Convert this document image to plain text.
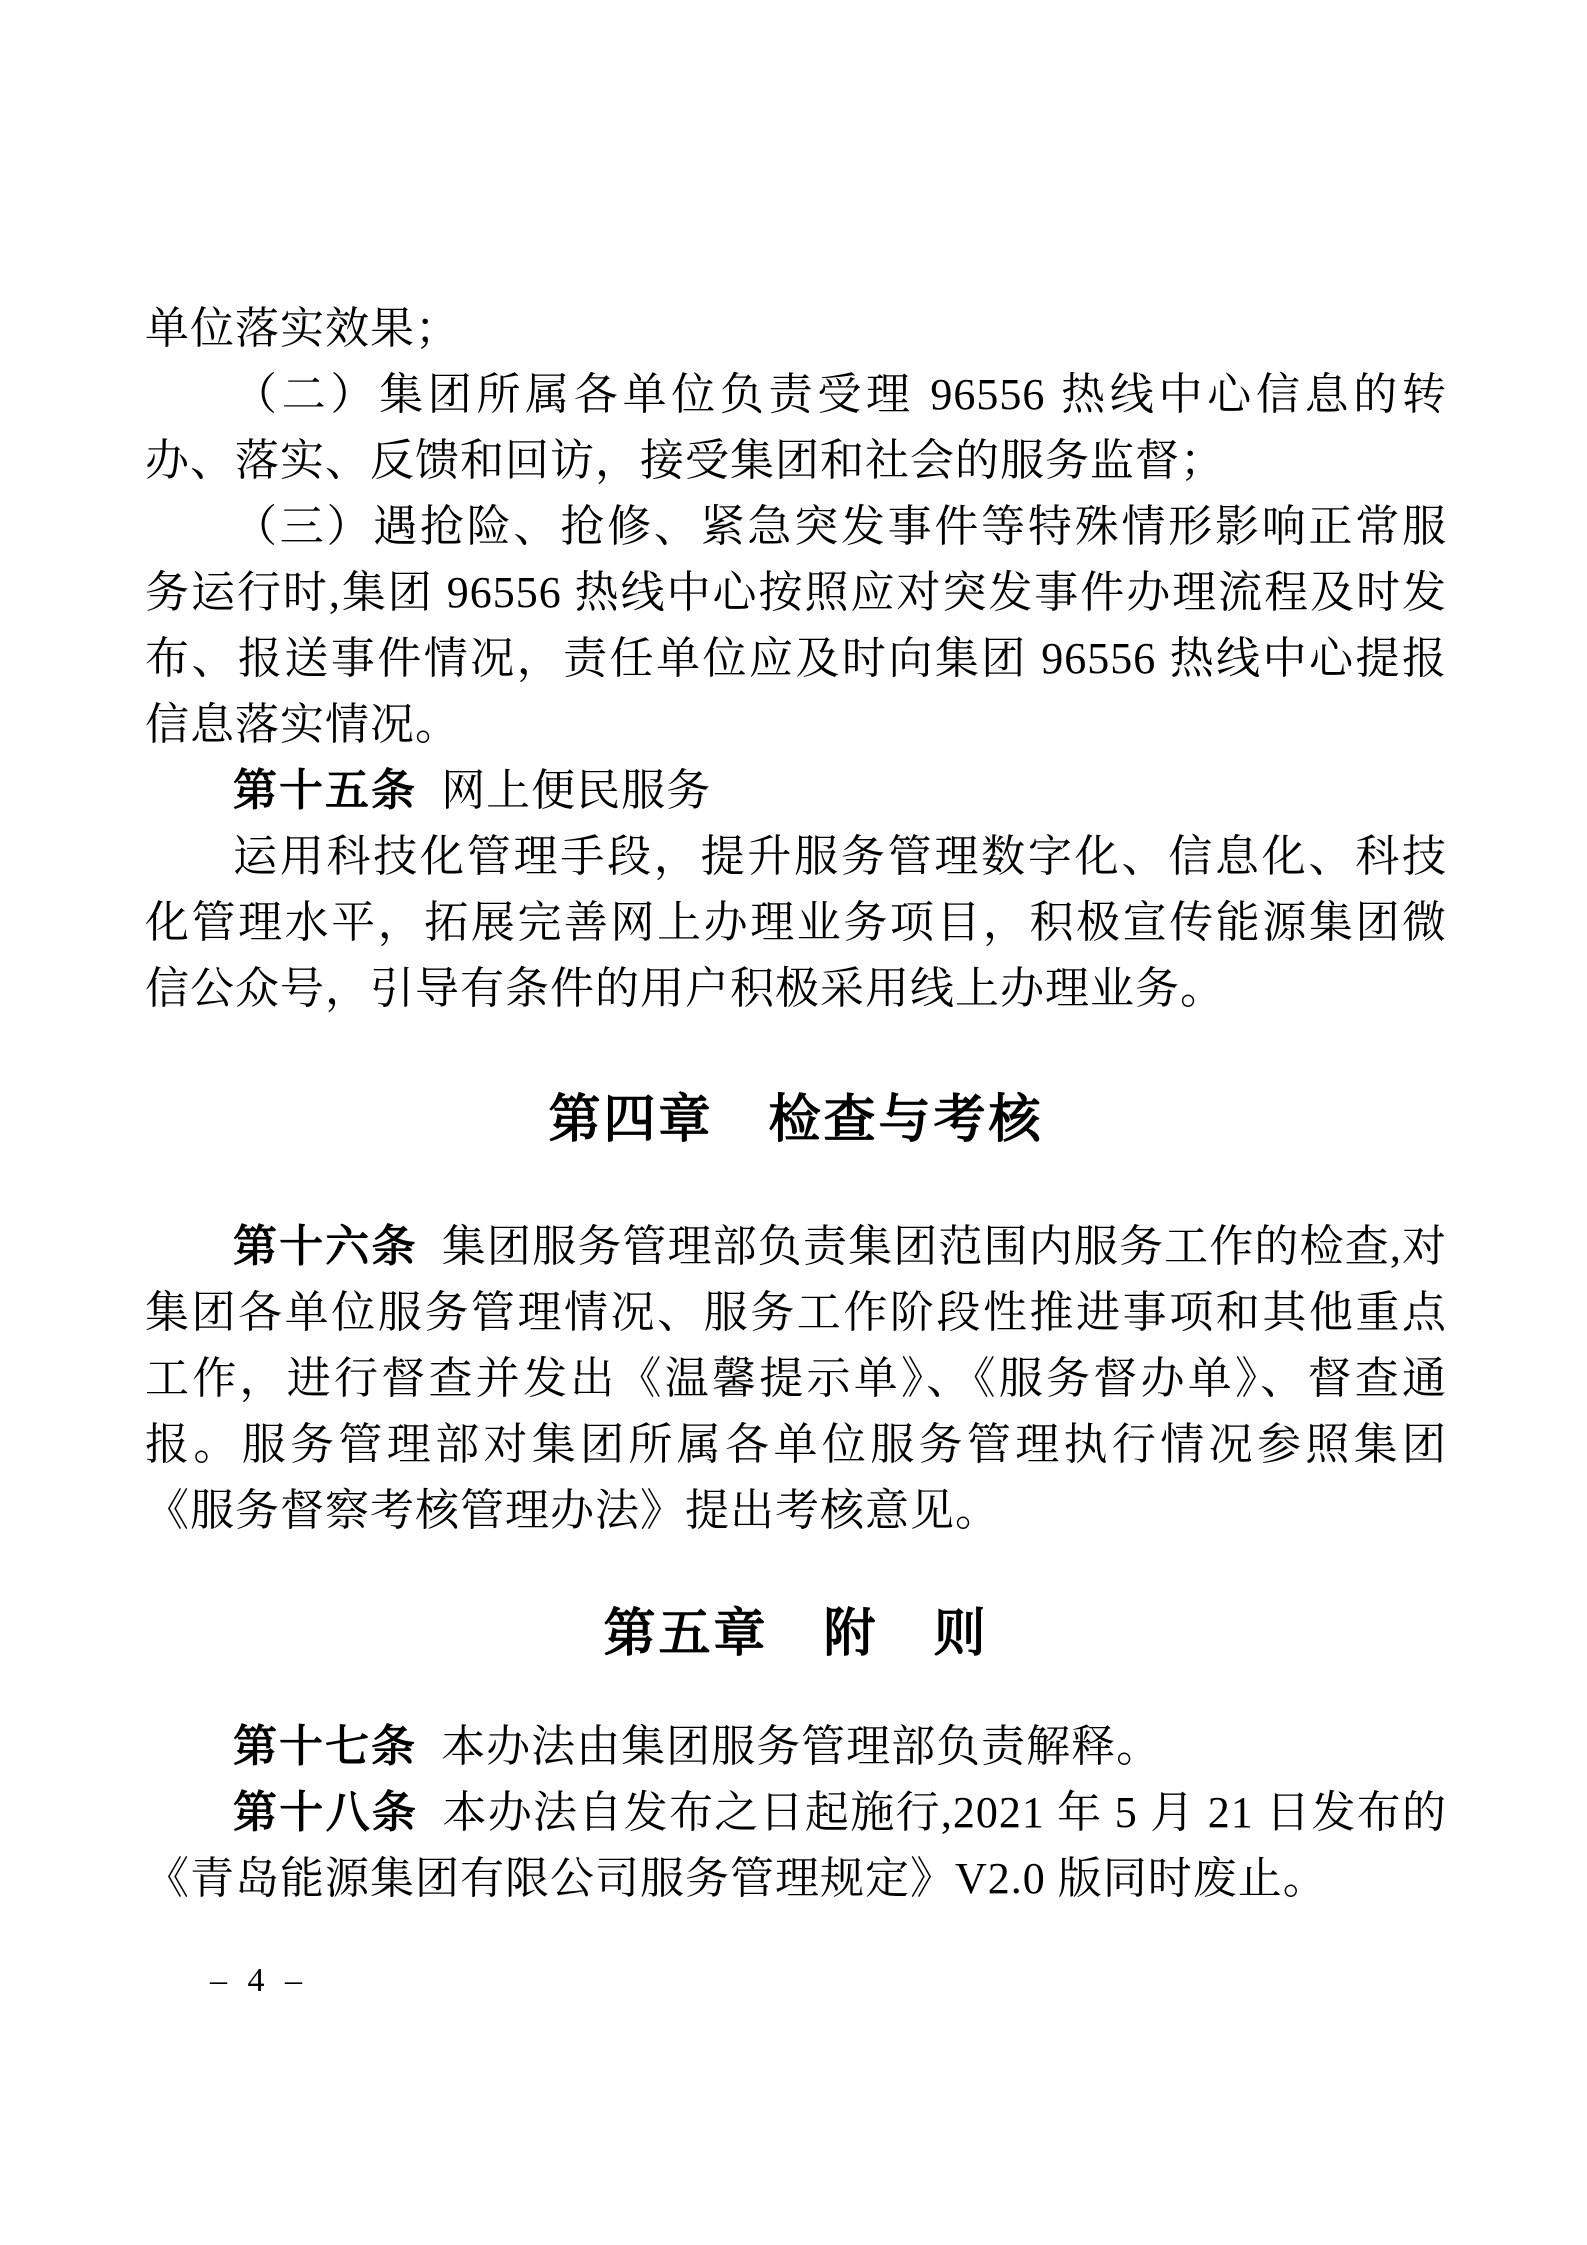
单位落实效果；

（二）集团所属各单位负责受理 96556 热线中心信息的转办、落实、反馈和回访，接受集团和社会的服务监督；

（三）遇抢险、抢修、紧急突发事件等特殊情形影响正常服务运行时,集团 96556 热线中心按照应对突发事件办理流程及时发布、报送事件情况，责任单位应及时向集团 96556 热线中心提报信息落实情况。

第十五条 网上便民服务

运用科技化管理手段，提升服务管理数字化、信息化、科技化管理水平，拓展完善网上办理业务项目，积极宣传能源集团微信公众号，引导有条件的用户积极采用线上办理业务。

第四章　检查与考核

第十六条 集团服务管理部负责集团范围内服务工作的检查,对集团各单位服务管理情况、服务工作阶段性推进事项和其他重点工作，进行督查并发出《温馨提示单》、《服务督办单》、督查通报。服务管理部对集团所属各单位服务管理执行情况参照集团《服务督察考核管理办法》提出考核意见。

第五章　附　则

第十七条 本办法由集团服务管理部负责解释。

第十八条 本办法自发布之日起施行,2021 年 5 月 21 日发布的《青岛能源集团有限公司服务管理规定》V2.0 版同时废止。

– 4 –
